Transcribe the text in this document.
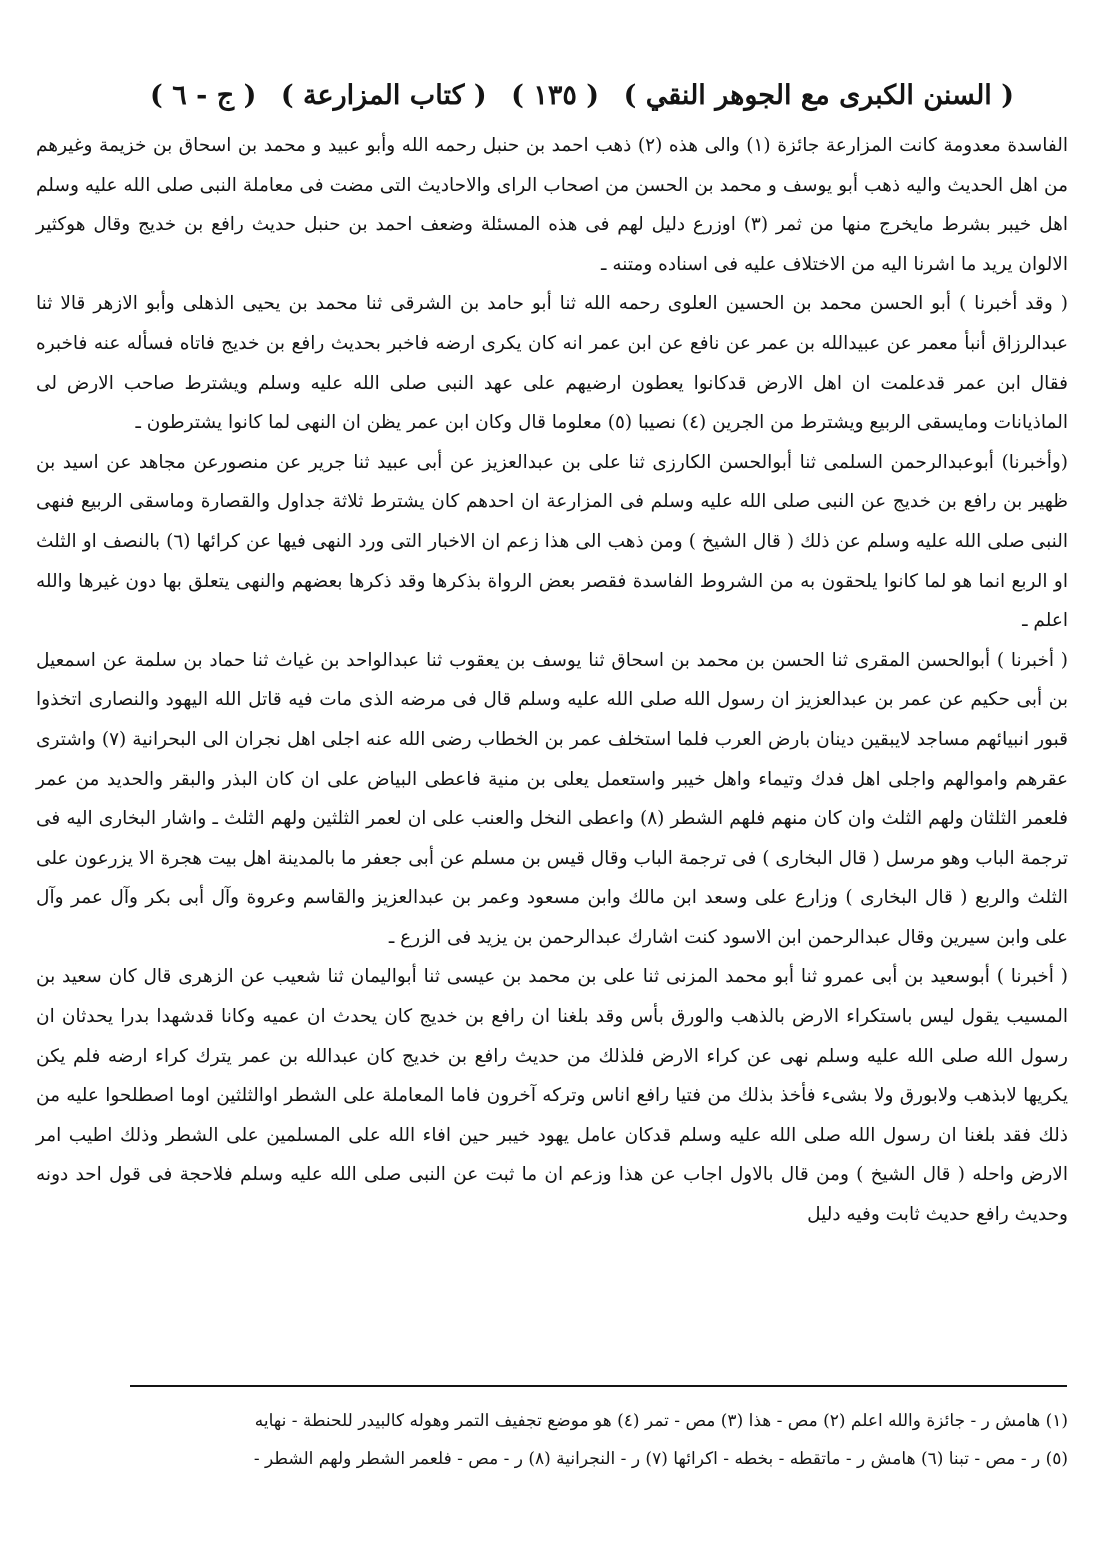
( السنن الكبرى مع الجوهر النقي )
( ١٣٥ )
( كتاب المزارعة )
( ج - ٦ )

الفاسدة معدومة كانت المزارعة جائزة (١) والى هذه (٢) ذهب احمد بن حنبل رحمه الله وأبو عبيد و محمد بن اسحاق بن خزيمة وغيرهم من اهل الحديث واليه ذهب أبو يوسف و محمد بن الحسن من اصحاب الراى والاحاديث التى مضت فى معاملة النبى صلى الله عليه وسلم اهل خيبر بشرط مايخرج منها من ثمر (٣) اوزرع دليل لهم فى هذه المسئلة وضعف احمد بن حنبل حديث رافع بن خديج وقال هوكثير الالوان يريد ما اشرنا اليه من الاختلاف عليه فى اسناده ومتنه ـ

( وقد أخبرنا ) أبو الحسن محمد بن الحسين العلوى رحمه الله ثنا أبو حامد بن الشرقى ثنا محمد بن يحيى الذهلى وأبو الازهر قالا ثنا عبدالرزاق أنبأ معمر عن عبيدالله بن عمر عن نافع عن ابن عمر انه كان يكرى ارضه فاخبر بحديث رافع بن خديج فاتاه فسأله عنه فاخبره فقال ابن عمر قدعلمت ان اهل الارض قدكانوا يعطون ارضيهم على عهد النبى صلى الله عليه وسلم ويشترط صاحب الارض لى الماذيانات ومايسقى الربيع ويشترط من الجرين (٤) نصيبا (٥) معلوما قال وكان ابن عمر يظن ان النهى لما كانوا يشترطون ـ

(وأخبرنا) أبوعبدالرحمن السلمى ثنا أبوالحسن الكارزى ثنا على بن عبدالعزيز عن أبى عبيد ثنا جرير عن منصورعن مجاهد عن اسيد بن ظهير بن رافع بن خديج عن النبى صلى الله عليه وسلم فى المزارعة ان احدهم كان يشترط ثلاثة جداول والقصارة وماسقى الربيع فنهى النبى صلى الله عليه وسلم عن ذلك ( قال الشيخ ) ومن ذهب الى هذا زعم ان الاخبار التى ورد النهى فيها عن كرائها (٦) بالنصف او الثلث او الربع انما هو لما كانوا يلحقون به من الشروط الفاسدة فقصر بعض الرواة بذكرها وقد ذكرها بعضهم والنهى يتعلق بها دون غيرها والله اعلم ـ

( أخبرنا ) أبوالحسن المقرى ثنا الحسن بن محمد بن اسحاق ثنا يوسف بن يعقوب ثنا عبدالواحد بن غياث ثنا حماد بن سلمة عن اسمعيل بن أبى حكيم عن عمر بن عبدالعزيز ان رسول الله صلى الله عليه وسلم قال فى مرضه الذى مات فيه قاتل الله اليهود والنصارى اتخذوا قبور انبيائهم مساجد لايبقين دينان بارض العرب فلما استخلف عمر بن الخطاب رضى الله عنه اجلى اهل نجران الى البحرانية (٧) واشترى عقرهم واموالهم واجلى اهل فدك وتيماء واهل خيبر واستعمل يعلى بن منية فاعطى البياض على ان كان البذر والبقر والحديد من عمر فلعمر الثلثان ولهم الثلث وان كان منهم فلهم الشطر (٨) واعطى النخل والعنب على ان لعمر الثلثين ولهم الثلث ـ واشار البخارى اليه فى ترجمة الباب وهو مرسل ( قال البخارى ) فى ترجمة الباب وقال قيس بن مسلم عن أبى جعفر ما بالمدينة اهل بيت هجرة الا يزرعون على الثلث والربع ( قال البخارى ) وزارع على وسعد ابن مالك وابن مسعود وعمر بن عبدالعزيز والقاسم وعروة وآل أبى بكر وآل عمر وآل على وابن سيرين وقال عبدالرحمن ابن الاسود كنت اشارك عبدالرحمن بن يزيد فى الزرع ـ

( أخبرنا ) أبوسعيد بن أبى عمرو ثنا أبو محمد المزنى ثنا على بن محمد بن عيسى ثنا أبواليمان ثنا شعيب عن الزهرى قال كان سعيد بن المسيب يقول ليس باستكراء الارض بالذهب والورق بأس وقد بلغنا ان رافع بن خديج كان يحدث ان عميه وكانا قدشهدا بدرا يحدثان ان رسول الله صلى الله عليه وسلم نهى عن كراء الارض فلذلك من حديث رافع بن خديج كان عبدالله بن عمر يترك كراء ارضه فلم يكن يكريها لابذهب ولابورق ولا بشىء فأخذ بذلك من فتيا رافع اناس وتركه آخرون فاما المعاملة على الشطر اوالثلثين اوما اصطلحوا عليه من ذلك فقد بلغنا ان رسول الله صلى الله عليه وسلم قدكان عامل يهود خيبر حين افاء الله على المسلمين على الشطر وذلك اطيب امر الارض واحله ( قال الشيخ ) ومن قال بالاول اجاب عن هذا وزعم ان ما ثبت عن النبى صلى الله عليه وسلم فلاحجة فى قول احد دونه وحديث رافع حديث ثابت وفيه دليل

(١) هامش ر - جائزة والله اعلم (٢) مص - هذا (٣) مص - تمر (٤) هو موضع تجفيف التمر وهوله كالبيدر للحنطة - نهايه

(٥) ر - مص - تبنا (٦) هامش ر - ماتقطه - بخطه - اكرائها (٧) ر - النجرانية (٨) ر - مص - فلعمر الشطر ولهم الشطر -
